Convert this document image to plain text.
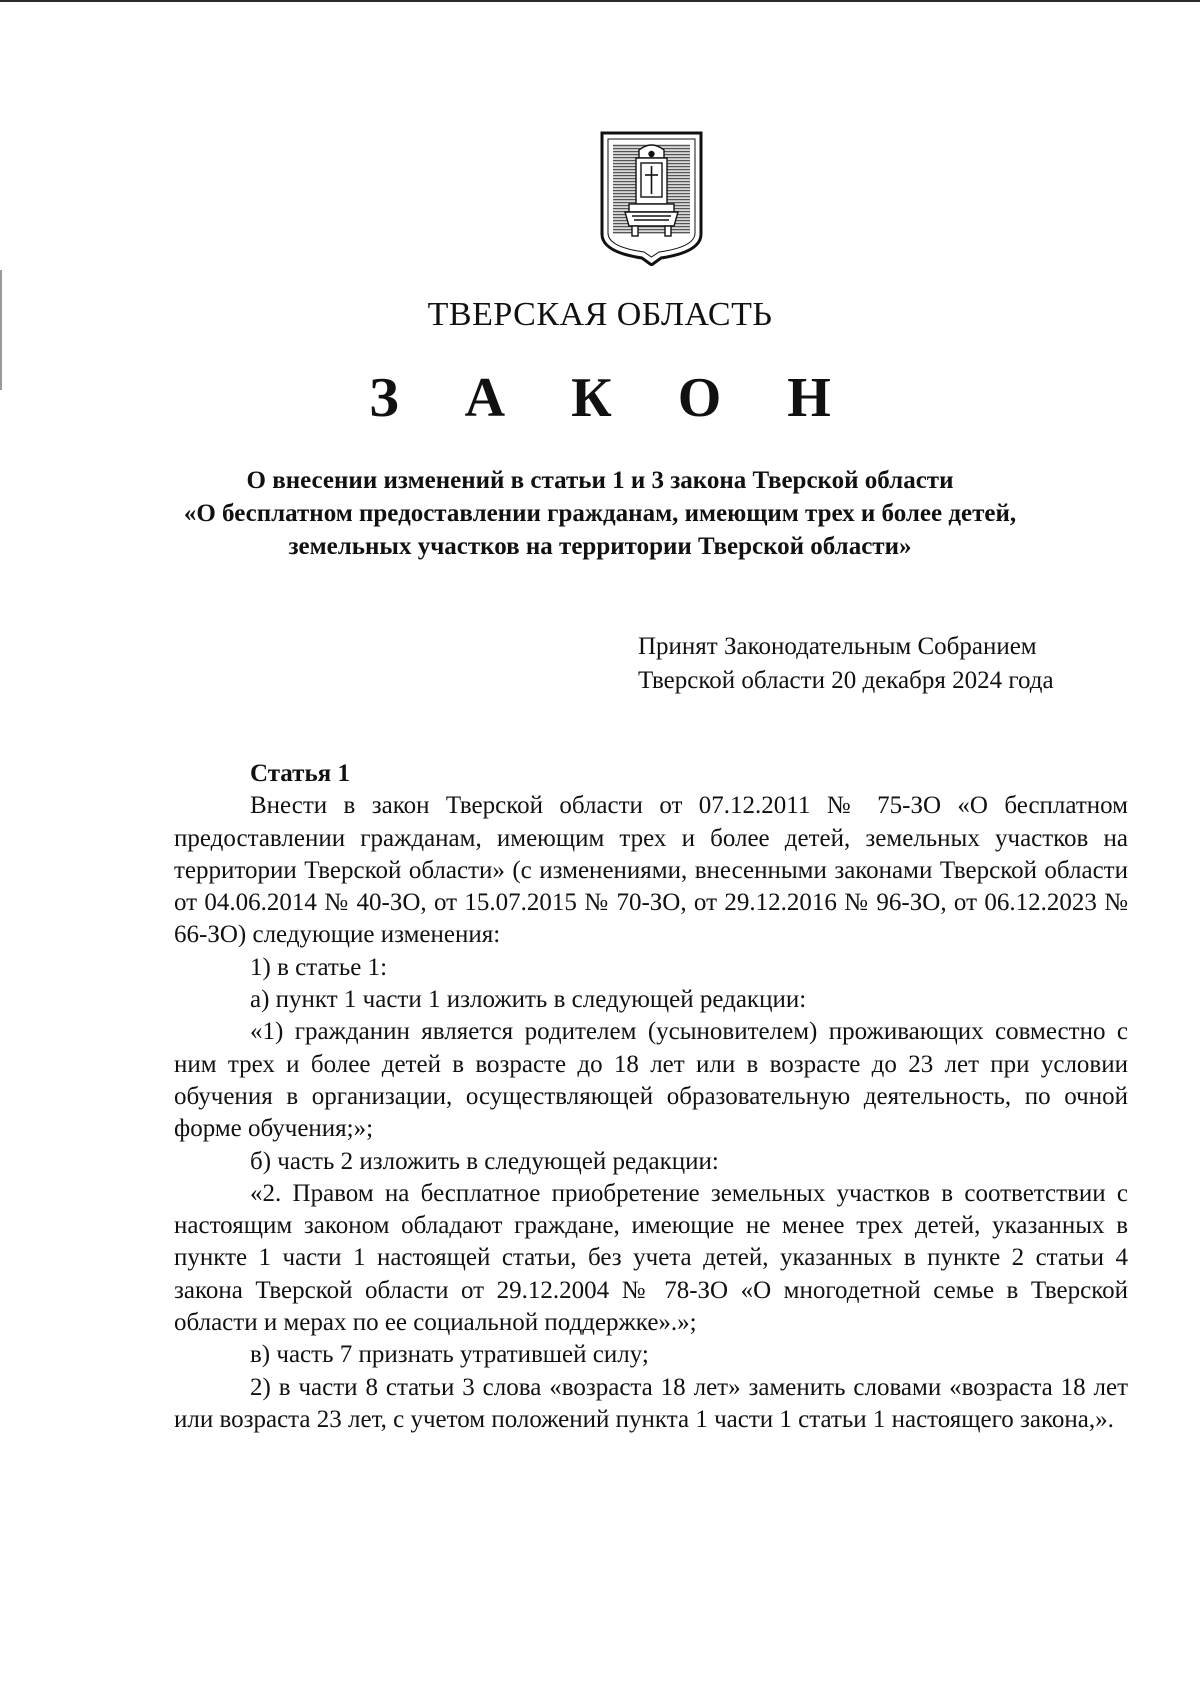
ТВЕРСКАЯ ОБЛАСТЬ
З А К О Н
О внесении изменений в статьи 1 и 3 закона Тверской области
«О бесплатном предоставлении гражданам, имеющим трех и более детей,
земельных участков на территории Тверской области»
Принят Законодательным Собранием
Тверской области 20 декабря 2024 года
Статья 1

Внести в закон Тверской области от 07.12.2011 № 75-ЗО «О бесплатном предоставлении гражданам, имеющим трех и более детей, земельных участков на территории Тверской области» (с изменениями, внесенными законами Тверской области от 04.06.2014 № 40-ЗО, от 15.07.2015 № 70-ЗО, от 29.12.2016 № 96-ЗО, от 06.12.2023 № 66-ЗО) следующие изменения:

1) в статье 1:

а) пункт 1 части 1 изложить в следующей редакции:

«1) гражданин является родителем (усыновителем) проживающих совместно с ним трех и более детей в возрасте до 18 лет или в возрасте до 23 лет при условии обучения в организации, осуществляющей образовательную деятельность, по очной форме обучения;»;

б) часть 2 изложить в следующей редакции:

«2. Правом на бесплатное приобретение земельных участков в соответствии с настоящим законом обладают граждане, имеющие не менее трех детей, указанных в пункте 1 части 1 настоящей статьи, без учета детей, указанных в пункте 2 статьи 4 закона Тверской области от 29.12.2004 № 78-ЗО «О многодетной семье в Тверской области и мерах по ее социальной поддержке».»;

в) часть 7 признать утратившей силу;

2) в части 8 статьи 3 слова «возраста 18 лет» заменить словами «возраста 18 лет или возраста 23 лет, с учетом положений пункта 1 части 1 статьи 1 настоящего закона,».
